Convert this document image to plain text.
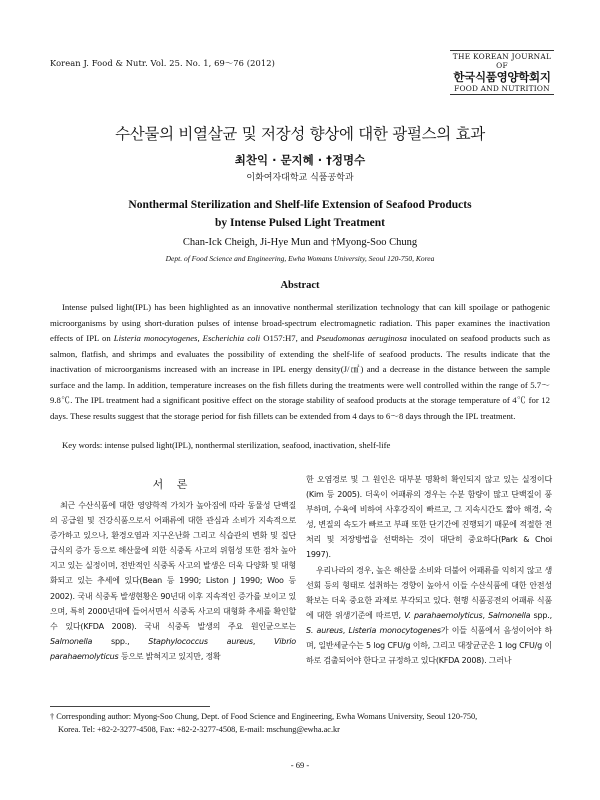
Korean J. Food & Nutr. Vol. 25. No. 1, 69～76 (2012)
THE KOREAN JOURNAL OF
한국식품영양학회지
FOOD AND NUTRITION
수산물의 비열살균 및 저장성 향상에 대한 광펄스의 효과
최찬익 · 문지혜 · †정명수
이화여자대학교 식품공학과
Nonthermal Sterilization and Shelf-life Extension of Seafood Products
by Intense Pulsed Light Treatment
Chan-Ick Cheigh, Ji-Hye Mun and †Myong-Soo Chung
Dept. of Food Science and Engineering, Ewha Womans University, Seoul 120-750, Korea
Abstract
Intense pulsed light(IPL) has been highlighted as an innovative nonthermal sterilization technology that can kill spoilage or pathogenic microorganisms by using short-duration pulses of intense broad-spectrum electromagnetic radiation. This paper examines the inactivation effects of IPL on Listeria monocytogenes, Escherichia coli O157:H7, and Pseudomonas aeruginosa inoculated on seafood products such as salmon, flatfish, and shrimps and evaluates the possibility of extending the shelf-life of seafood products. The results indicate that the inactivation of microorganisms increased with an increase in IPL energy density(J/㎠) and a decrease in the distance between the sample surface and the lamp. In addition, temperature increases on the fish fillets during the treatments were well controlled within the range of 5.7～9.8℃. The IPL treatment had a significant positive effect on the storage stability of seafood products at the storage temperature of 4℃ for 12 days. These results suggest that the storage period for fish fillets can be extended from 4 days to 6～8 days through the IPL treatment.
Key words: intense pulsed light(IPL), nonthermal sterilization, seafood, inactivation, shelf-life
서 론

최근 수산식품에 대한 영양학적 가치가 높아짐에 따라 동물성 단백질의 공급원 및 건강식품으로서 어패류에 대한 관심과 소비가 지속적으로 증가하고 있으나, 환경오염과 지구온난화 그리고 식습관의 변화 및 집단급식의 증가 등으로 해산물에 의한 식중독 사고의 위험성 또한 점차 높아지고 있는 실정이며, 전반적인 식중독 사고의 발생은 더욱 다양화 및 대형화되고 있는 추세에 있다(Bean 등 1990; Liston J 1990; Woo 등 2002). 국내 식중독 발생현황은 90년대 이후 지속적인 증가를 보이고 있으며, 특히 2000년대에 들어서면서 식중독 사고의 대형화 추세를 확인할 수 있다(KFDA 2008). 국내 식중독 발생의 주요 원인균으로는 Salmonella spp., Staphylococcus aureus, Vibrio parahaemolyticus 등으로 밝혀지고 있지만, 정확

한 오염경로 및 그 원인은 대부분 명확히 확인되지 않고 있는 실정이다(Kim 등 2005). 더욱이 어패류의 경우는 수분 함량이 많고 단백질이 풍부하며, 수육에 비하여 사후강직이 빠르고, 그 지속시간도 짧아 해경, 숙성, 변질의 속도가 빠르고 부패 또한 단기간에 진행되기 때문에 적절한 전처리 및 저장방법을 선택하는 것이 대단히 중요하다(Park & Choi 1997).

우리나라의 경우, 높은 해산물 소비와 더불어 어패류를 익히지 않고 생선회 등의 형태로 섭취하는 경향이 높아서 이들 수산식품에 대한 안전성 확보는 더욱 중요한 과제로 부각되고 있다. 현행 식품공전의 어패류 식품에 대한 위생기준에 따르면, V. parahaemolyticus, Salmonella spp., S. aureus, Listeria monocytogenes가 이들 식품에서 음성이어야 하며, 일반세균수는 5 log CFU/g 이하, 그리고 대장균군은 1 log CFU/g 이하로 검출되어야 한다고 규정하고 있다(KFDA 2008). 그러나

† Corresponding author: Myong-Soo Chung, Dept. of Food Science and Engineering, Ewha Womans University, Seoul 120-750,
Korea. Tel: +82-2-3277-4508, Fax: +82-2-3277-4508, E-mail: mschung@ewha.ac.kr
- 69 -
